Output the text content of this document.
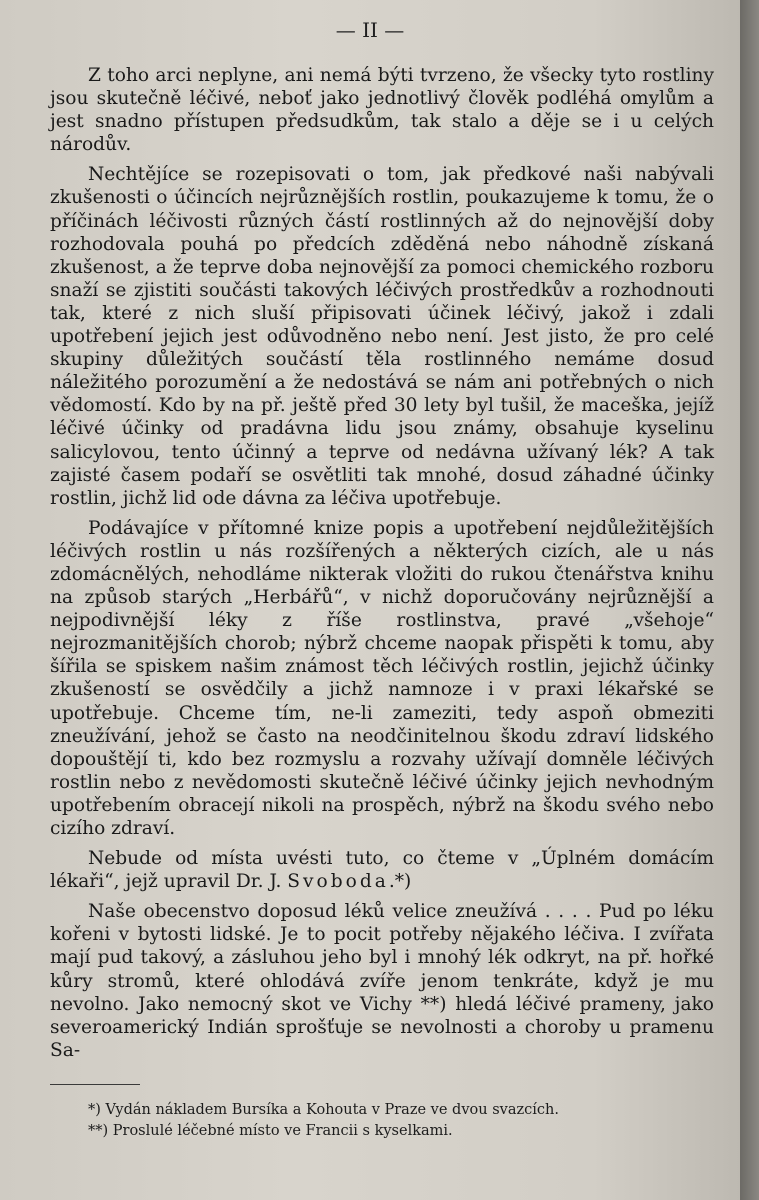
— II —

Z toho arci neplyne, ani nemá býti tvrzeno, že všecky tyto rostliny jsou skutečně léčivé, neboť jako jednotlivý člověk podléhá omylům a jest snadno přístupen předsudkům, tak stalo a děje se i u celých národův.

Nechtějíce se rozepisovati o tom, jak předkové naši nabývali zkušenosti o účincích nejrůznějších rostlin, poukazujeme k tomu, že o příčinách léčivosti různých částí rostlinných až do nejnovější doby rozhodovala pouhá po předcích zděděná nebo náhodně získaná zkušenost, a že teprve doba nejnovější za pomoci chemického rozboru snaží se zjistiti součásti takových léčivých prostředkův a rozhodnouti tak, které z nich sluší připisovati účinek léčivý, jakož i zdali upotřebení jejich jest odůvodněno nebo není. Jest jisto, že pro celé skupiny důležitých součástí těla rostlinného nemáme dosud náležitého porozumění a že nedostává se nám ani potřebných o nich vědomostí. Kdo by na př. ještě před 30 lety byl tušil, že maceška, jejíž léčivé účinky od pradávna lidu jsou známy, obsahuje kyselinu salicylovou, tento účinný a teprve od nedávna užívaný lék? A tak zajisté časem podaří se osvětliti tak mnohé, dosud záhadné účinky rostlin, jichž lid ode dávna za léčiva upotřebuje.

Podávajíce v přítomné knize popis a upotřebení nejdůležitějších léčivých rostlin u nás rozšířených a některých cizích, ale u nás zdomácnělých, nehodláme nikterak vložiti do rukou čtenářstva knihu na způsob starých „Herbářů“, v nichž doporučovány nejrůznější a nejpodivnější léky z říše rostlinstva, pravé „všehoje“ nejrozmanitějších chorob; nýbrž chceme naopak přispěti k tomu, aby šířila se spiskem našim známost těch léčivých rostlin, jejichž účinky zkušeností se osvědčily a jichž namnoze i v praxi lékařské se upotřebuje. Chceme tím, ne-li zameziti, tedy aspoň obmeziti zneužívání, jehož se často na neodčinitelnou škodu zdraví lidského dopouštějí ti, kdo bez rozmyslu a rozvahy užívají domněle léčivých rostlin nebo z nevědomosti skutečně léčivé účinky jejich nevhodným upotřebením obracejí nikoli na prospěch, nýbrž na škodu svého nebo cizího zdraví.

Nebude od místa uvésti tuto, co čteme v „Úplném domácím lékaři“, jejž upravil Dr. J. Svoboda.*)

Naše obecenstvo doposud léků velice zneužívá . . . . Pud po léku kořeni v bytosti lidské. Je to pocit potřeby nějakého léčiva. I zvířata mají pud takový, a zásluhou jeho byl i mnohý lék odkryt, na př. hořké kůry stromů, které ohlodává zvíře jenom tenkráte, když je mu nevolno. Jako nemocný skot ve Vichy **) hledá léčivé prameny, jako severoamerický Indián sprošťuje se nevolnosti a choroby u pramenu Sa-

*) Vydán nákladem Bursíka a Kohouta v Praze ve dvou svazcích.
**) Proslulé léčebné místo ve Francii s kyselkami.
